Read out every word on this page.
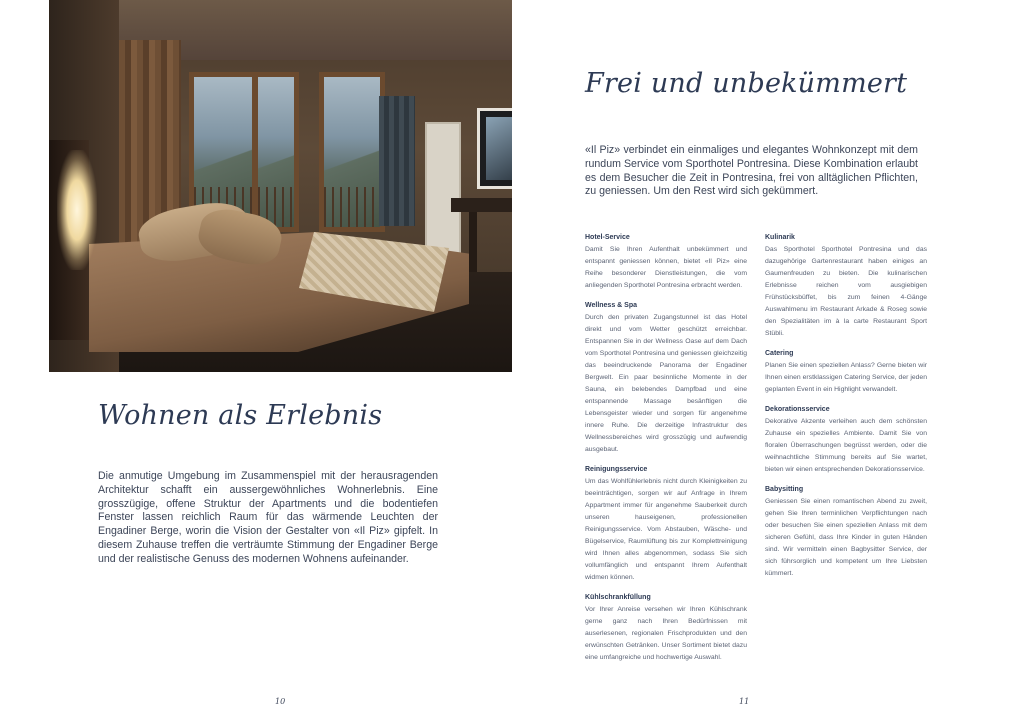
Wohnen als Erlebnis

Die anmutige Umgebung im Zusammenspiel mit der herausragenden Architektur schafft ein aussergewöhnliches Wohnerlebnis. Eine grosszügige, offene Struktur der Apartments und die bodentiefen Fenster lassen reichlich Raum für das wärmende Leuchten der Engadiner Berge, worin die Vision der Gestalter von «Il Piz» gipfelt. In diesem Zuhause treffen die verträumte Stimmung der Engadiner Berge und der realistische Genuss des modernen Wohnens aufeinander.

10
Frei und unbekümmert

«Il Piz» verbindet ein einmaliges und elegantes Wohnkonzept mit dem rundum Service vom Sporthotel Pontresina. Diese Kombination erlaubt es dem Besucher die Zeit in Pontresina, frei von alltäglichen Pflichten, zu geniessen. Um den Rest wird sich gekümmert.

Hotel-Service

Damit Sie Ihren Aufenthalt unbekümmert und entspannt geniessen können, bietet «Il Piz» eine Reihe besonderer Dienstleistungen, die vom anliegenden Sporthotel Pontresina erbracht werden.

Wellness & Spa

Durch den privaten Zugangstunnel ist das Hotel direkt und vom Wetter geschützt erreichbar. Entspannen Sie in der Wellness Oase auf dem Dach vom Sporthotel Pontresina und geniessen gleichzeitig das beeindruckende Panorama der Engadiner Bergwelt. Ein paar besinnliche Momente in der Sauna, ein belebendes Dampfbad und eine entspannende Massage besänftigen die Lebensgeister wieder und sorgen für angenehme innere Ruhe. Die derzeitige Infrastruktur des Wellnessbereiches wird grosszügig und aufwendig ausgebaut.

Reinigungsservice

Um das Wohlfühlerlebnis nicht durch Kleinigkeiten zu beeinträchtigen, sorgen wir auf Anfrage in Ihrem Appartment immer für angenehme Sauberkeit durch unseren hauseigenen, professionellen Reinigungsservice. Vom Abstauben, Wäsche- und Bügelservice, Raumlüftung bis zur Komplettreinigung wird Ihnen alles abgenommen, sodass Sie sich vollumfänglich und entspannt Ihrem Aufenthalt widmen können.

Kühlschrankfüllung

Vor Ihrer Anreise versehen wir Ihren Kühlschrank gerne ganz nach Ihren Bedürfnissen mit auserlesenen, regionalen Frischprodukten und den erwünschten Getränken. Unser Sortiment bietet dazu eine umfangreiche und hochwertige Auswahl.

Kulinarik

Das Sporthotel Sporthotel Pontresina und das dazugehörige Gartenrestaurant haben einiges an Gaumenfreuden zu bieten. Die kulinarischen Erlebnisse reichen vom ausgiebigen Frühstücksbüffet, bis zum feinen 4-Gänge Auswahlmenu im Restaurant Arkade & Roseg sowie den Spezialitäten im à la carte Restaurant Sport Stübli.

Catering

Planen Sie einen speziellen Anlass? Gerne bieten wir Ihnen einen erstklassigen Catering Service, der jeden geplanten Event in ein Highlight verwandelt.

Dekorationsservice

Dekorative Akzente verleihen auch dem schönsten Zuhause ein spezielles Ambiente. Damit Sie von floralen Überraschungen begrüsst werden, oder die weihnachtliche Stimmung bereits auf Sie wartet, bieten wir einen entsprechenden Dekorationsservice.

Babysitting

Geniessen Sie einen romantischen Abend zu zweit, gehen Sie Ihren terminlichen Verpflichtungen nach oder besuchen Sie einen speziellen Anlass mit dem sicheren Gefühl, dass Ihre Kinder in guten Händen sind. Wir vermitteln einen Bagbysitter Service, der sich führsorglich und kompetent um Ihre Liebsten kümmert.

11
